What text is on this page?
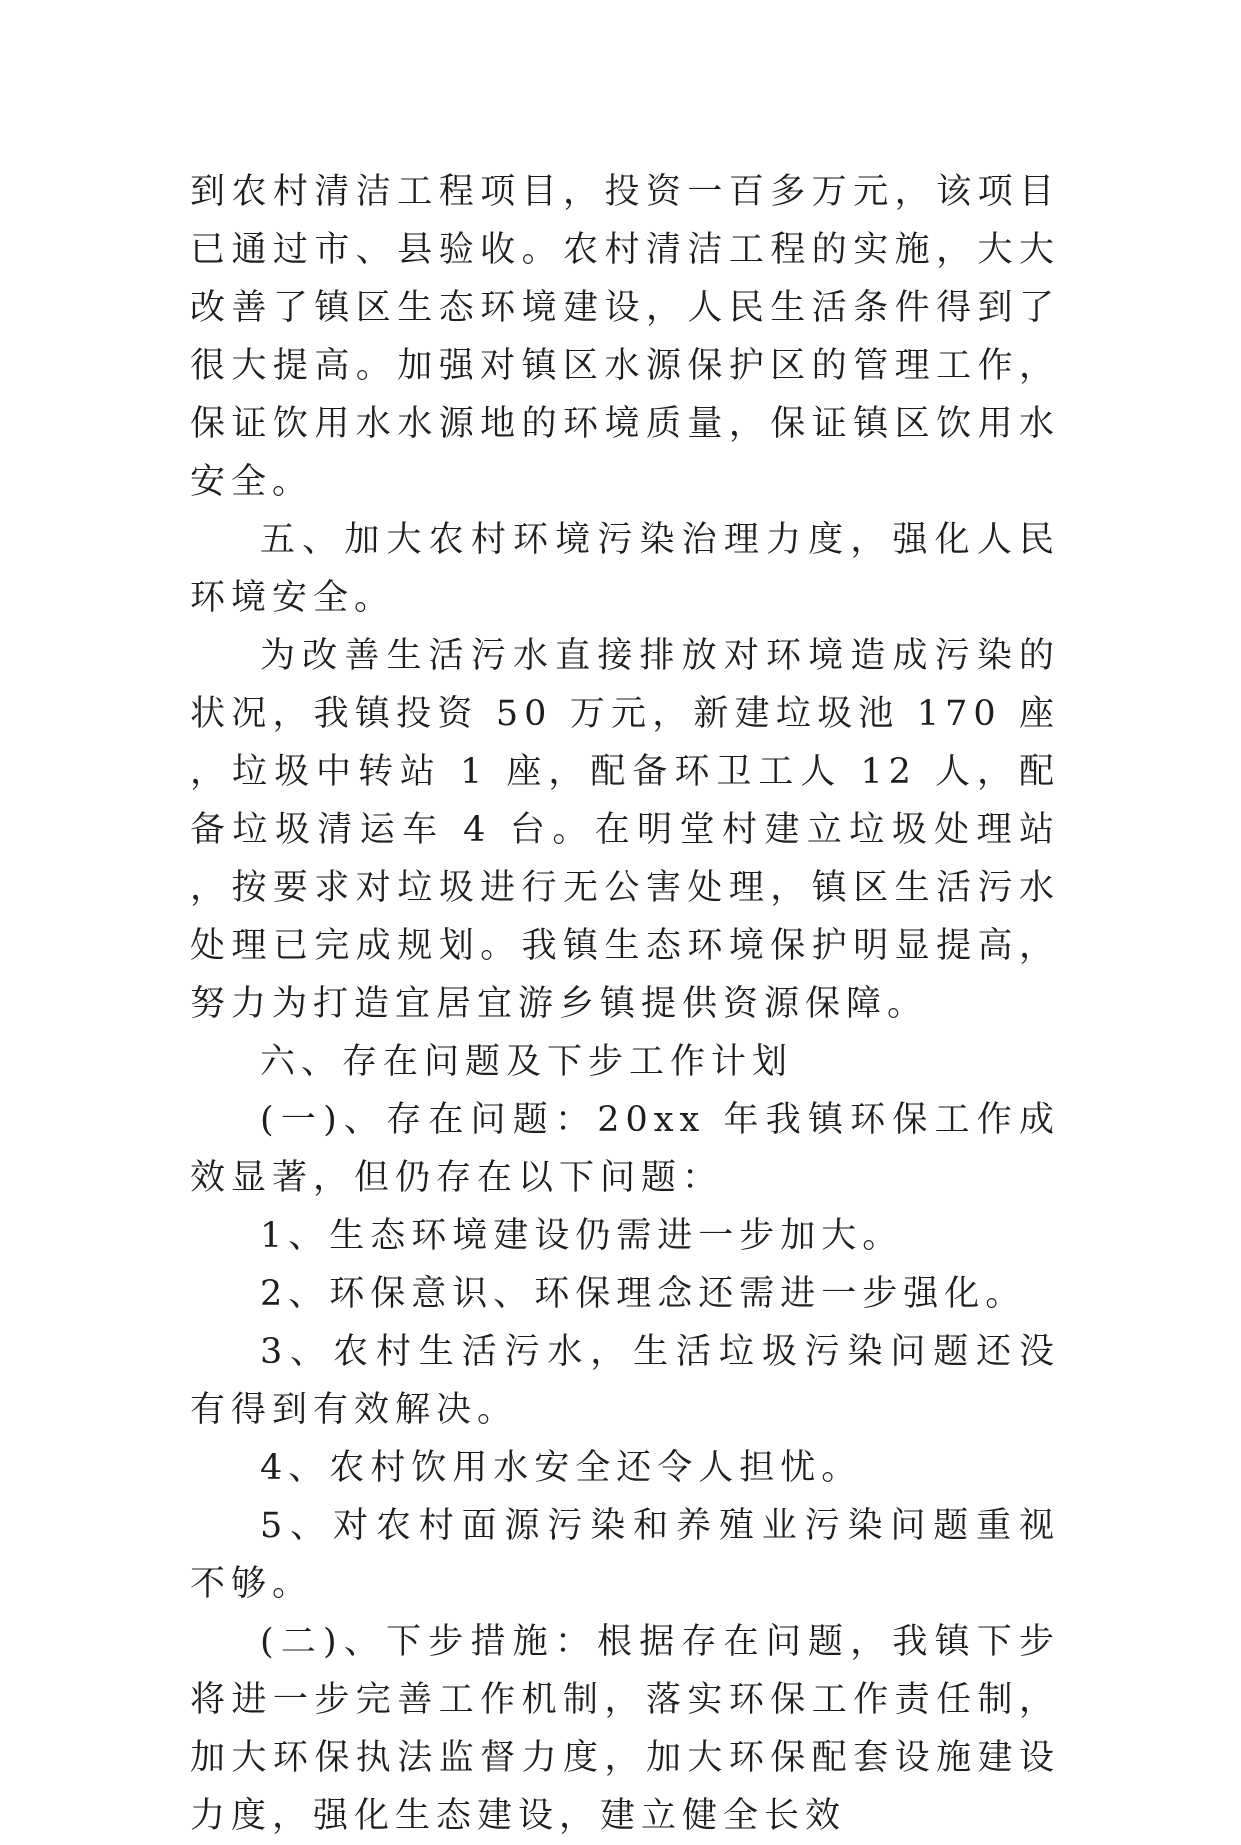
到农村清洁工程项目，投资一百多万元，该项目已通过市、县验收。农村清洁工程的实施，大大改善了镇区生态环境建设，人民生活条件得到了很大提高。加强对镇区水源保护区的管理工作，保证饮用水水源地的环境质量，保证镇区饮用水安全。

五、加大农村环境污染治理力度，强化人民环境安全。

为改善生活污水直接排放对环境造成污染的状况，我镇投资 50 万元，新建垃圾池 170 座，垃圾中转站 1 座，配备环卫工人 12 人，配备垃圾清运车 4 台。在明堂村建立垃圾处理站，按要求对垃圾进行无公害处理，镇区生活污水处理已完成规划。我镇生态环境保护明显提高，努力为打造宜居宜游乡镇提供资源保障。

六、存在问题及下步工作计划

(一)、存在问题：20xx 年我镇环保工作成效显著，但仍存在以下问题：

1、生态环境建设仍需进一步加大。

2、环保意识、环保理念还需进一步强化。

3、农村生活污水，生活垃圾污染问题还没有得到有效解决。

4、农村饮用水安全还令人担忧。

5、对农村面源污染和养殖业污染问题重视不够。

(二)、下步措施：根据存在问题，我镇下步将进一步完善工作机制，落实环保工作责任制，加大环保执法监督力度，加大环保配套设施建设力度，强化生态建设，建立健全长效
